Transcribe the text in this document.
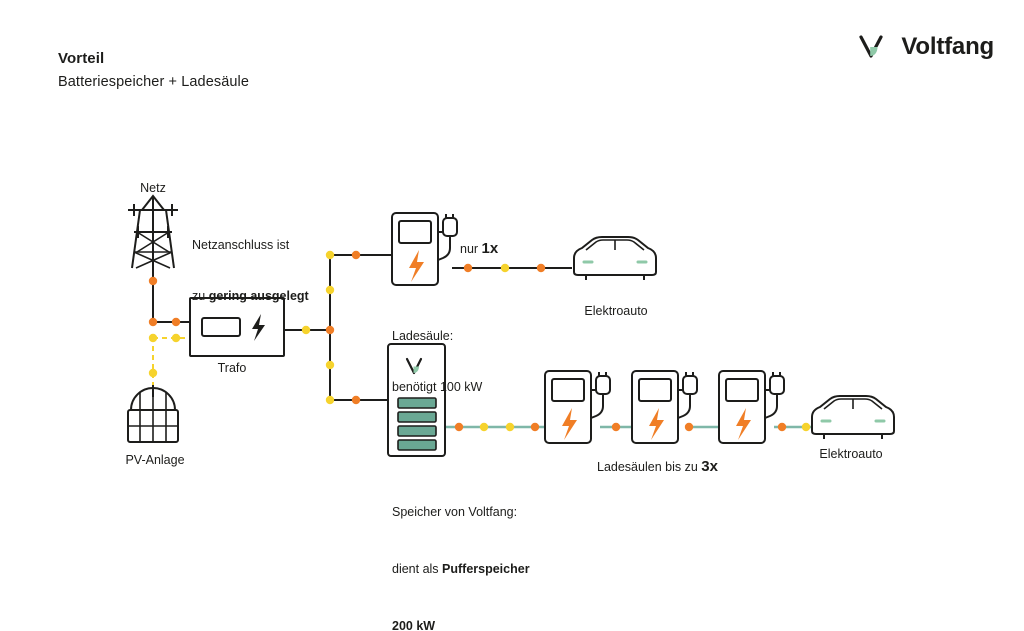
Vorteil
Batteriespeicher + Ladesäule
Voltfang
Netz
PV-Anlage
Trafo

Netzanschluss ist

zu gering ausgelegt

Ladesäule:

benötigt 100 kW

nur 1x
Elektroauto
Elektroauto

Speicher von Voltfang:

dient als Pufferspeicher

200 kW

Ladesäulen bis zu 3x
